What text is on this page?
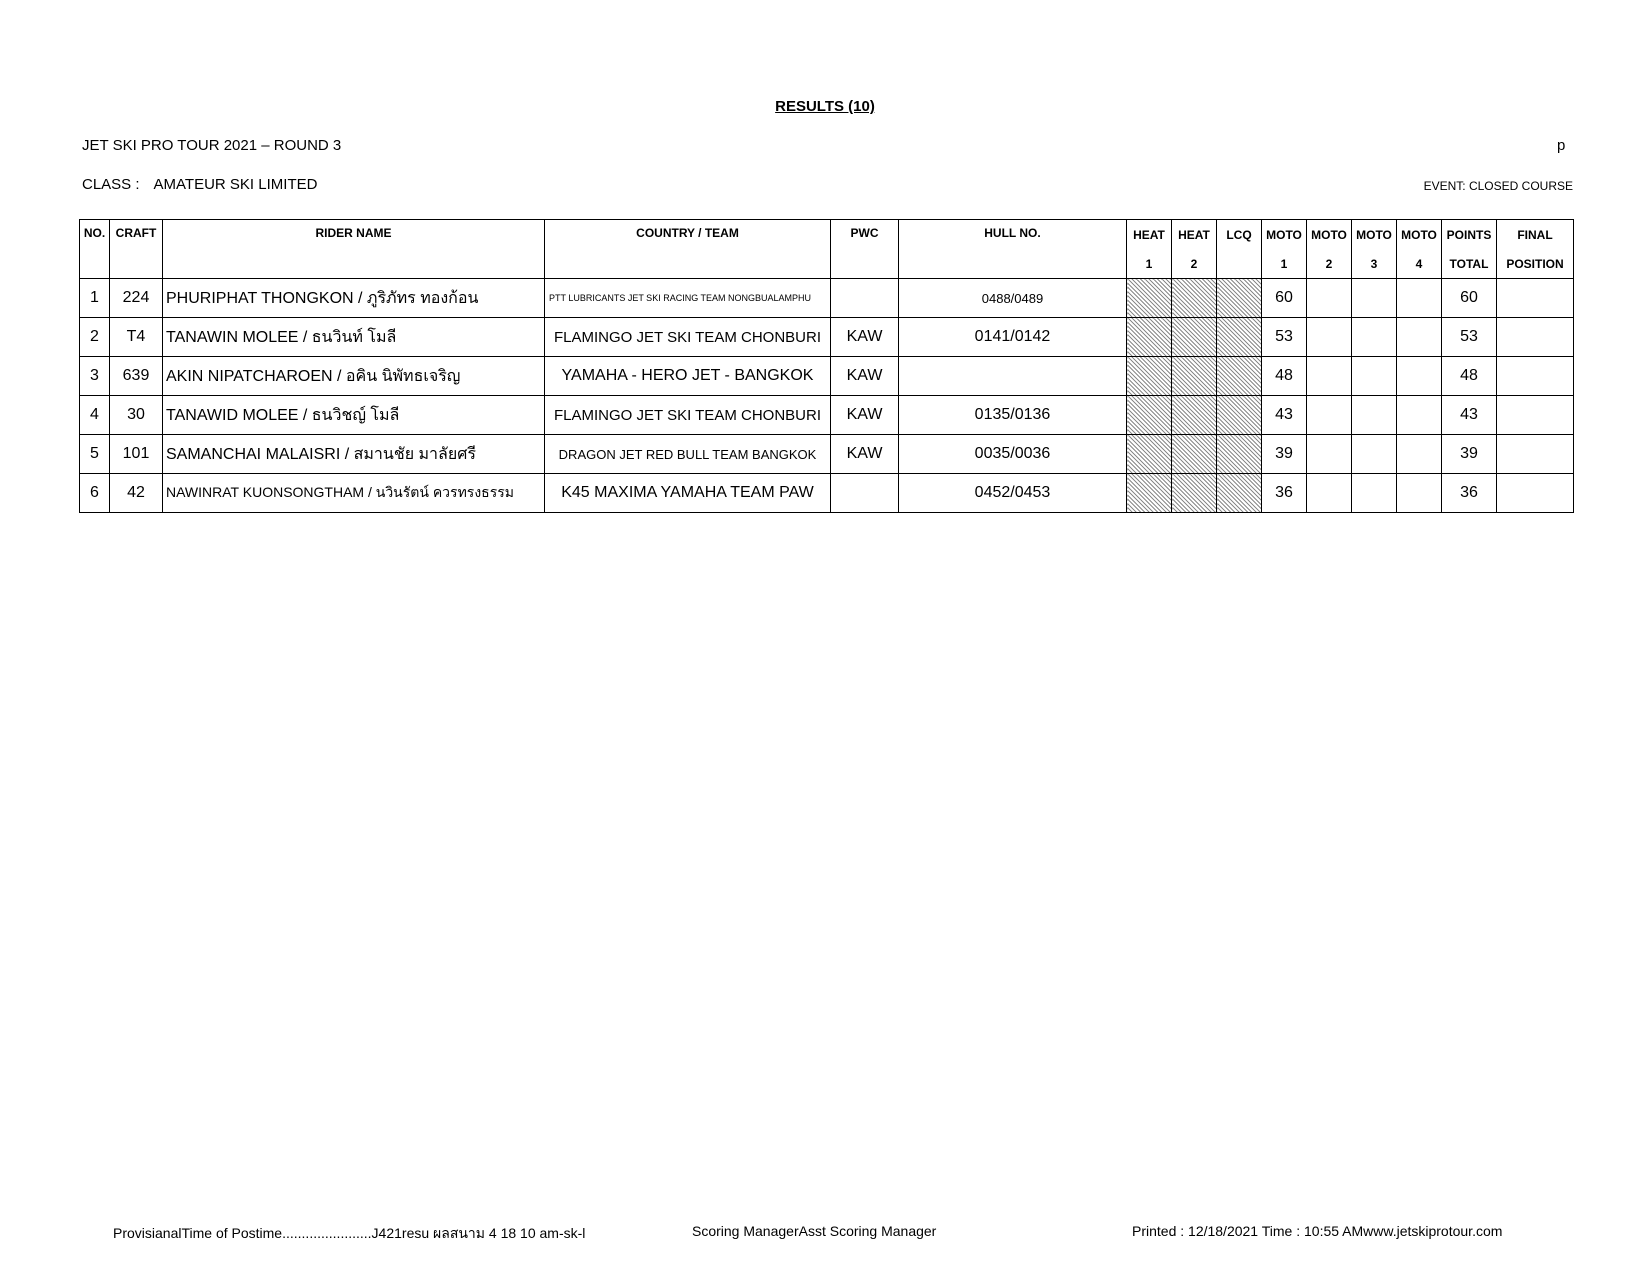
RESULTS (10)
JET SKI PRO TOUR 2021 – ROUND 3	p
CLASS : AMATEUR SKI LIMITED	EVENT: CLOSED COURSE
NO.	CRAFT	RIDER NAME	COUNTRY / TEAM	PWC	HULL NO.	HEAT	HEAT	LCQ	MOTO	MOTO	MOTO	MOTO	POINTS	FINAL
						1	2		1	2	3	4	TOTAL	POSITION
1	224	PHURIPHAT THONGKON / ภูริภัทร ทองก้อน	PTT LUBRICANTS JET SKI RACING TEAM NONGBUALAMPHU		0488/0489				60				60	
2	T4	TANAWIN MOLEE / ธนวินท์ โมลี	FLAMINGO JET SKI TEAM CHONBURI	KAW	0141/0142				53				53	
3	639	AKIN NIPATCHAROEN / อคิน นิพัทธเจริญ	YAMAHA - HERO JET - BANGKOK	KAW					48				48	
4	30	TANAWID MOLEE / ธนวิชญ์ โมลี	FLAMINGO JET SKI TEAM CHONBURI	KAW	0135/0136				43				43	
5	101	SAMANCHAI MALAISRI / สมานชัย มาลัยศรี	DRAGON JET RED BULL TEAM BANGKOK	KAW	0035/0036				39				39	
6	42	NAWINRAT KUONSONGTHAM / นวินรัตน์ ควรทรงธรรม	K45 MAXIMA YAMAHA TEAM PAW		0452/0453				36				36	
ProvisianalTime of Postime.......................J421resu ผลสนาม 4 18 10 am-sk-l	Scoring ManagerAsst Scoring Manager	Printed : 12/18/2021 Time : 10:55 AMwww.jetskiprotour.com
